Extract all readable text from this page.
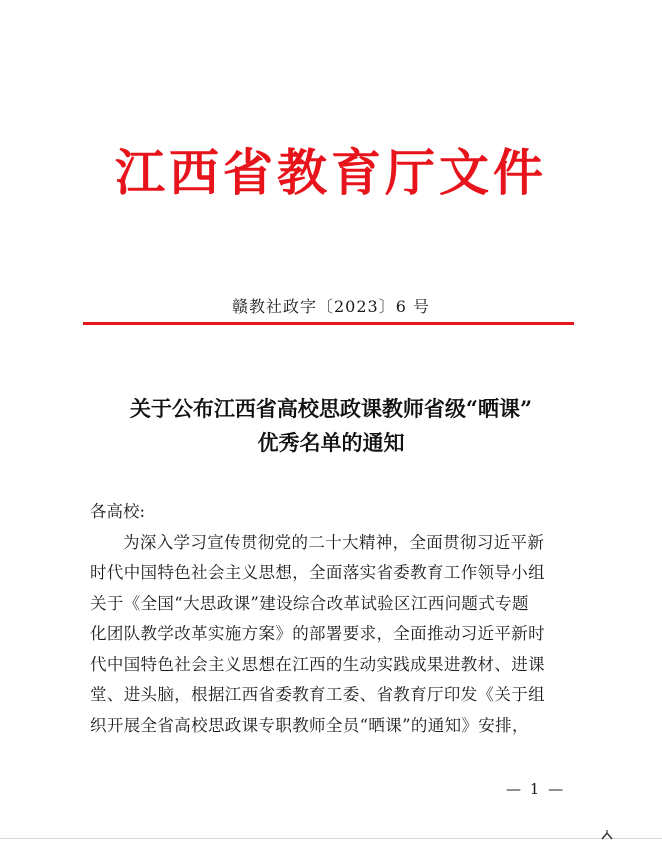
江西省教育厅文件
赣教社政字〔2023〕6 号
关于公布江西省高校思政课教师省级“晒课”
优秀名单的通知

各高校:

为深入学习宣传贯彻党的二十大精神，全面贯彻习近平新

时代中国特色社会主义思想，全面落实省委教育工作领导小组

关于《全国“大思政课”建设综合改革试验区江西问题式专题

化团队教学改革实施方案》的部署要求，全面推动习近平新时

代中国特色社会主义思想在江西的生动实践成果进教材、进课

堂、进头脑，根据江西省委教育工委、省教育厅印发《关于组

织开展全省高校思政课专职教师全员“晒课”的通知》安排，

— 1 —
